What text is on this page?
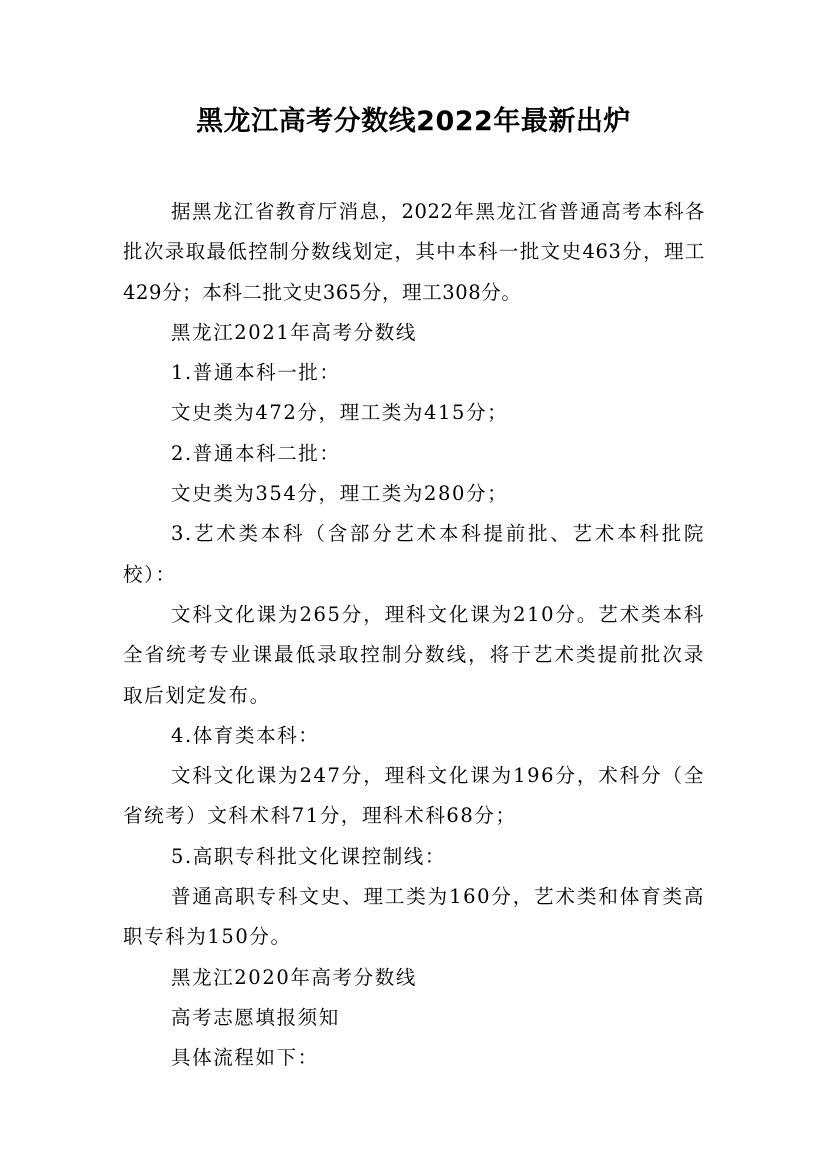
黑龙江高考分数线2022年最新出炉

据黑龙江省教育厅消息，2022年黑龙江省普通高考本科各批次录取最低控制分数线划定，其中本科一批文史463分，理工429分；本科二批文史365分，理工308分。

黑龙江2021年高考分数线

1.普通本科一批：

文史类为472分，理工类为415分；

2.普通本科二批：

文史类为354分，理工类为280分；

3.艺术类本科（含部分艺术本科提前批、艺术本科批院校）：

文科文化课为265分，理科文化课为210分。艺术类本科全省统考专业课最低录取控制分数线，将于艺术类提前批次录取后划定发布。

4.体育类本科：

文科文化课为247分，理科文化课为196分，术科分（全省统考）文科术科71分，理科术科68分；

5.高职专科批文化课控制线：

普通高职专科文史、理工类为160分，艺术类和体育类高职专科为150分。

黑龙江2020年高考分数线

高考志愿填报须知

具体流程如下：
